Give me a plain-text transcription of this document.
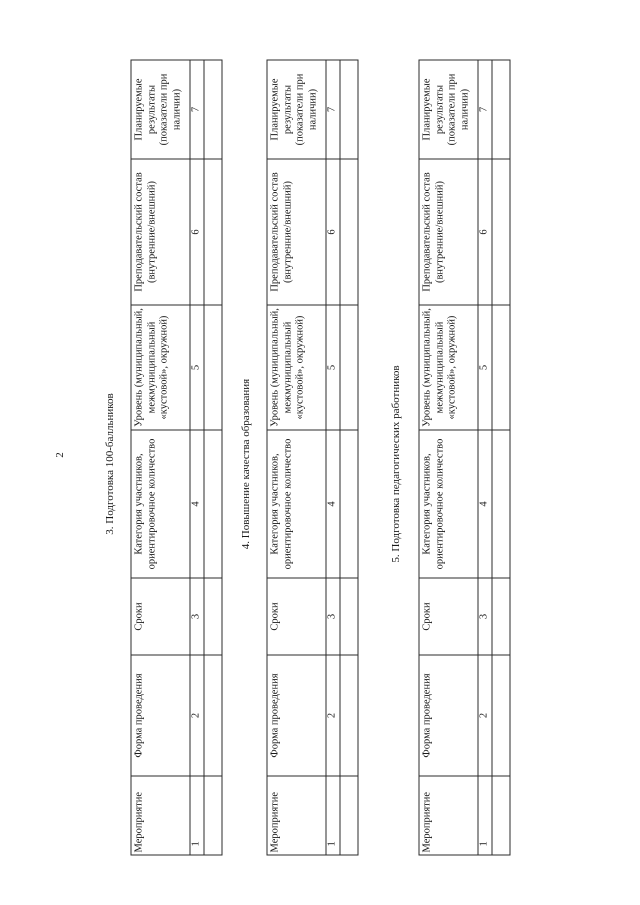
2	3. Подготовка 100-балльников	4. Повышение качества образования	5. Подготовка педагогических работников
Мероприятие	Форма проведения	Сроки	Категория участников, ориентировочное количество	Уровень (муниципальный, межмуниципальный «кустовой», окружной)	Преподавательский состав (внутренние/внешний)	Планируемые результаты (показатели при наличии)
1	2	3	4	5	6	7

Мероприятие	Форма проведения	Сроки	Категория участников, ориентировочное количество	Уровень (муниципальный, межмуниципальный «кустовой», окружной)	Преподавательский состав (внутренние/внешний)	Планируемые результаты (показатели при наличии)
1	2	3	4	5	6	7

Мероприятие	Форма проведения	Сроки	Категория участников, ориентировочное количество	Уровень (муниципальный, межмуниципальный «кустовой», окружной)	Преподавательский состав (внутренние/внешний)	Планируемые результаты (показатели при наличии)
1	2	3	4	5	6	7
